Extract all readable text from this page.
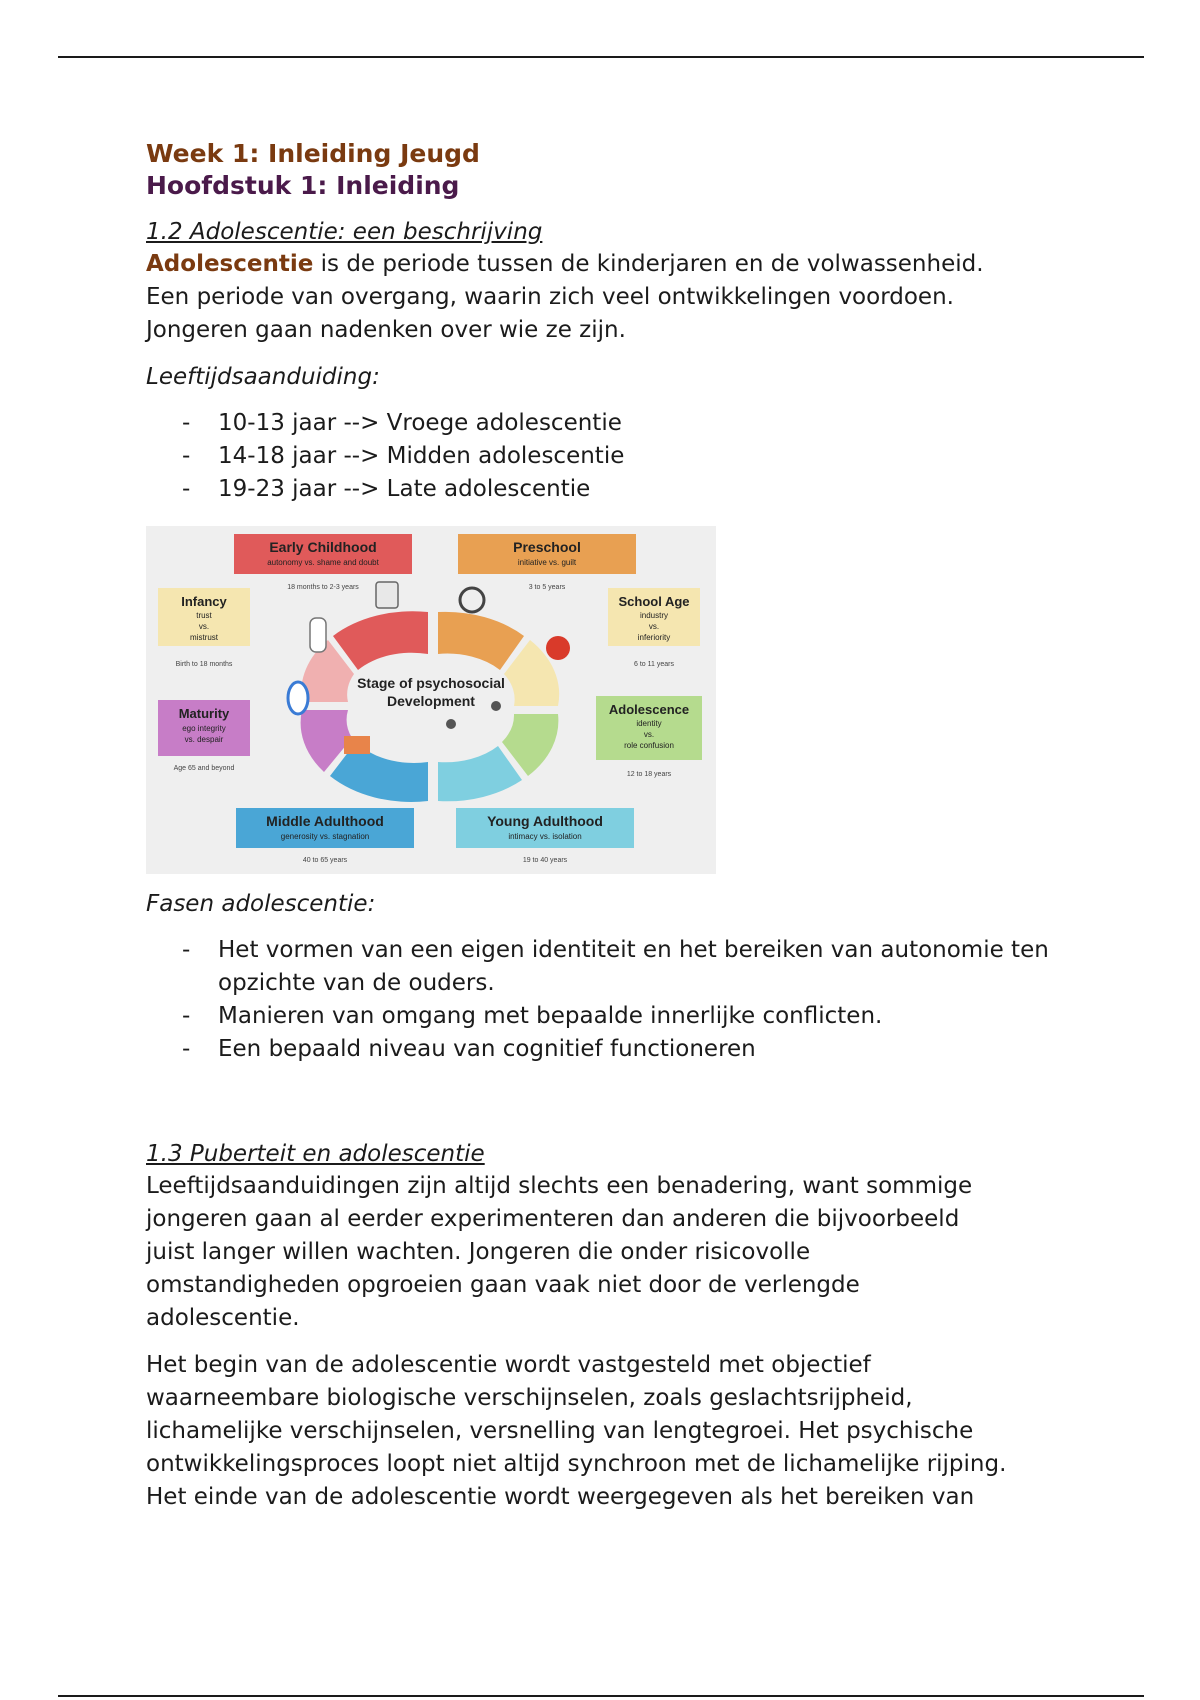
Week 1: Inleiding Jeugd
Hoofdstuk 1: Inleiding
1.2 Adolescentie: een beschrijving

Adolescentie is de periode tussen de kinderjaren en de volwassenheid.

Een periode van overgang, waarin zich veel ontwikkelingen voordoen.

Jongeren gaan nadenken over wie ze zijn.

Leeftijdsaanduiding:
- 10-13 jaar --> Vroege adolescentie
- 14-18 jaar --> Midden adolescentie
- 19-23 jaar --> Late adolescentie
Stage of psychosocial
Development
Early Childhood
autonomy vs. shame and doubt
18 months to 2-3 years
Preschool
initiative vs. guilt
3 to 5 years
Infancy
trust
vs.
mistrust
Birth to 18 months
School Age
industry
vs.
inferiority
6 to 11 years
Maturity
ego integrity
vs. despair
Age 65 and beyond
Adolescence
identity
vs.
role confusion
12 to 18 years
Middle Adulthood
generosity vs. stagnation
40 to 65 years
Young Adulthood
intimacy vs. isolation
19 to 40 years
Fasen adolescentie:
- Het vormen van een eigen identiteit en het bereiken van autonomie ten opzichte van de ouders.
- Manieren van omgang met bepaalde innerlijke conflicten.
- Een bepaald niveau van cognitief functioneren
1.3 Puberteit en adolescentie

Leeftijdsaanduidingen zijn altijd slechts een benadering, want sommige

jongeren gaan al eerder experimenteren dan anderen die bijvoorbeeld

juist langer willen wachten. Jongeren die onder risicovolle

omstandigheden opgroeien gaan vaak niet door de verlengde

adolescentie.

Het begin van de adolescentie wordt vastgesteld met objectief

waarneembare biologische verschijnselen, zoals geslachtsrijpheid,

lichamelijke verschijnselen, versnelling van lengtegroei. Het psychische

ontwikkelingsproces loopt niet altijd synchroon met de lichamelijke rijping.

Het einde van de adolescentie wordt weergegeven als het bereiken van
